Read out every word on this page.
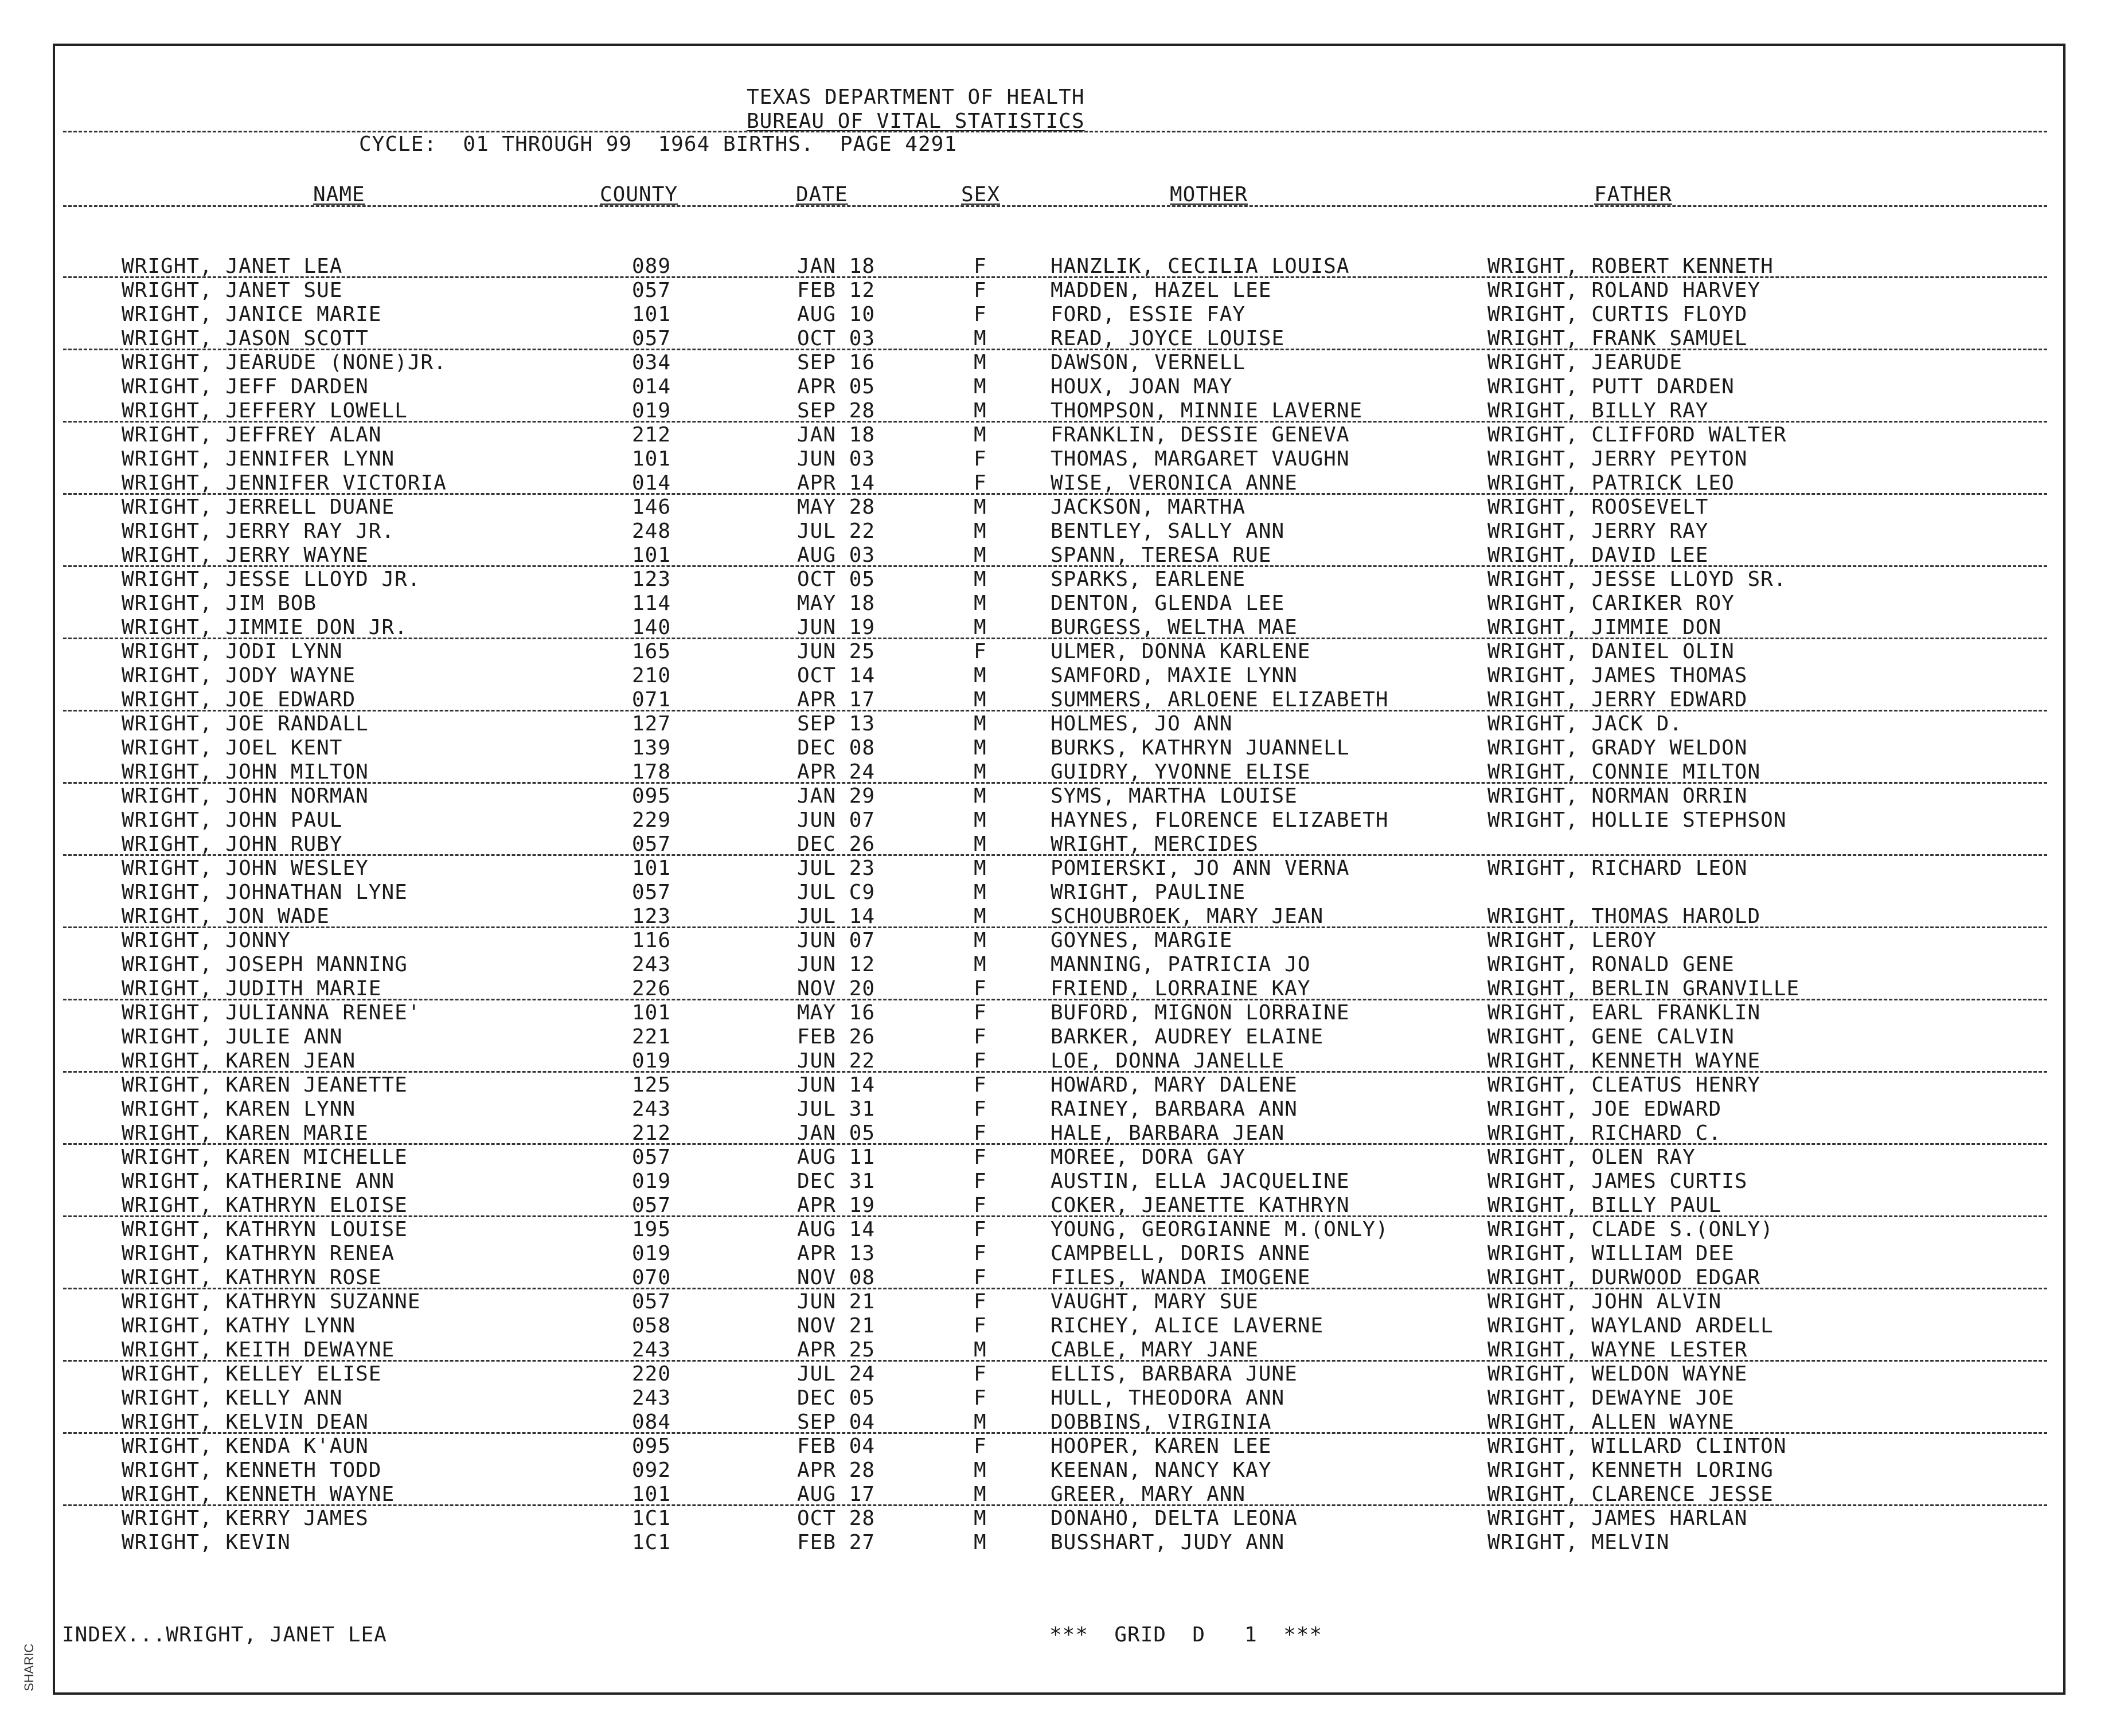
SHARIC
TEXAS DEPARTMENT OF HEALTH
BUREAU OF VITAL STATISTICS
CYCLE:  01 THROUGH 99  1964 BIRTHS.  PAGE 4291
NAME	COUNTY	DATE	SEX	MOTHER	FATHER
WRIGHT, JANET LEA	089	JAN 18	F	HANZLIK, CECILIA LOUISA	WRIGHT, ROBERT KENNETH
WRIGHT, JANET SUE	057	FEB 12	F	MADDEN, HAZEL LEE	WRIGHT, ROLAND HARVEY
WRIGHT, JANICE MARIE	101	AUG 10	F	FORD, ESSIE FAY	WRIGHT, CURTIS FLOYD
WRIGHT, JASON SCOTT	057	OCT 03	M	READ, JOYCE LOUISE	WRIGHT, FRANK SAMUEL
WRIGHT, JEARUDE (NONE)JR.	034	SEP 16	M	DAWSON, VERNELL	WRIGHT, JEARUDE
WRIGHT, JEFF DARDEN	014	APR 05	M	HOUX, JOAN MAY	WRIGHT, PUTT DARDEN
WRIGHT, JEFFERY LOWELL	019	SEP 28	M	THOMPSON, MINNIE LAVERNE	WRIGHT, BILLY RAY
WRIGHT, JEFFREY ALAN	212	JAN 18	M	FRANKLIN, DESSIE GENEVA	WRIGHT, CLIFFORD WALTER
WRIGHT, JENNIFER LYNN	101	JUN 03	F	THOMAS, MARGARET VAUGHN	WRIGHT, JERRY PEYTON
WRIGHT, JENNIFER VICTORIA	014	APR 14	F	WISE, VERONICA ANNE	WRIGHT, PATRICK LEO
WRIGHT, JERRELL DUANE	146	MAY 28	M	JACKSON, MARTHA	WRIGHT, ROOSEVELT
WRIGHT, JERRY RAY JR.	248	JUL 22	M	BENTLEY, SALLY ANN	WRIGHT, JERRY RAY
WRIGHT, JERRY WAYNE	101	AUG 03	M	SPANN, TERESA RUE	WRIGHT, DAVID LEE
WRIGHT, JESSE LLOYD JR.	123	OCT 05	M	SPARKS, EARLENE	WRIGHT, JESSE LLOYD SR.
WRIGHT, JIM BOB	114	MAY 18	M	DENTON, GLENDA LEE	WRIGHT, CARIKER ROY
WRIGHT, JIMMIE DON JR.	140	JUN 19	M	BURGESS, WELTHA MAE	WRIGHT, JIMMIE DON
WRIGHT, JODI LYNN	165	JUN 25	F	ULMER, DONNA KARLENE	WRIGHT, DANIEL OLIN
WRIGHT, JODY WAYNE	210	OCT 14	M	SAMFORD, MAXIE LYNN	WRIGHT, JAMES THOMAS
WRIGHT, JOE EDWARD	071	APR 17	M	SUMMERS, ARLOENE ELIZABETH	WRIGHT, JERRY EDWARD
WRIGHT, JOE RANDALL	127	SEP 13	M	HOLMES, JO ANN	WRIGHT, JACK D.
WRIGHT, JOEL KENT	139	DEC 08	M	BURKS, KATHRYN JUANNELL	WRIGHT, GRADY WELDON
WRIGHT, JOHN MILTON	178	APR 24	M	GUIDRY, YVONNE ELISE	WRIGHT, CONNIE MILTON
WRIGHT, JOHN NORMAN	095	JAN 29	M	SYMS, MARTHA LOUISE	WRIGHT, NORMAN ORRIN
WRIGHT, JOHN PAUL	229	JUN 07	M	HAYNES, FLORENCE ELIZABETH	WRIGHT, HOLLIE STEPHSON
WRIGHT, JOHN RUBY	057	DEC 26	M	WRIGHT, MERCIDES
WRIGHT, JOHN WESLEY	101	JUL 23	M	POMIERSKI, JO ANN VERNA	WRIGHT, RICHARD LEON
WRIGHT, JOHNATHAN LYNE	057	JUL C9	M	WRIGHT, PAULINE
WRIGHT, JON WADE	123	JUL 14	M	SCHOUBROEK, MARY JEAN	WRIGHT, THOMAS HAROLD
WRIGHT, JONNY	116	JUN 07	M	GOYNES, MARGIE	WRIGHT, LEROY
WRIGHT, JOSEPH MANNING	243	JUN 12	M	MANNING, PATRICIA JO	WRIGHT, RONALD GENE
WRIGHT, JUDITH MARIE	226	NOV 20	F	FRIEND, LORRAINE KAY	WRIGHT, BERLIN GRANVILLE
WRIGHT, JULIANNA RENEE'	101	MAY 16	F	BUFORD, MIGNON LORRAINE	WRIGHT, EARL FRANKLIN
WRIGHT, JULIE ANN	221	FEB 26	F	BARKER, AUDREY ELAINE	WRIGHT, GENE CALVIN
WRIGHT, KAREN JEAN	019	JUN 22	F	LOE, DONNA JANELLE	WRIGHT, KENNETH WAYNE
WRIGHT, KAREN JEANETTE	125	JUN 14	F	HOWARD, MARY DALENE	WRIGHT, CLEATUS HENRY
WRIGHT, KAREN LYNN	243	JUL 31	F	RAINEY, BARBARA ANN	WRIGHT, JOE EDWARD
WRIGHT, KAREN MARIE	212	JAN 05	F	HALE, BARBARA JEAN	WRIGHT, RICHARD C.
WRIGHT, KAREN MICHELLE	057	AUG 11	F	MOREE, DORA GAY	WRIGHT, OLEN RAY
WRIGHT, KATHERINE ANN	019	DEC 31	F	AUSTIN, ELLA JACQUELINE	WRIGHT, JAMES CURTIS
WRIGHT, KATHRYN ELOISE	057	APR 19	F	COKER, JEANETTE KATHRYN	WRIGHT, BILLY PAUL
WRIGHT, KATHRYN LOUISE	195	AUG 14	F	YOUNG, GEORGIANNE M.(ONLY)	WRIGHT, CLADE S.(ONLY)
WRIGHT, KATHRYN RENEA	019	APR 13	F	CAMPBELL, DORIS ANNE	WRIGHT, WILLIAM DEE
WRIGHT, KATHRYN ROSE	070	NOV 08	F	FILES, WANDA IMOGENE	WRIGHT, DURWOOD EDGAR
WRIGHT, KATHRYN SUZANNE	057	JUN 21	F	VAUGHT, MARY SUE	WRIGHT, JOHN ALVIN
WRIGHT, KATHY LYNN	058	NOV 21	F	RICHEY, ALICE LAVERNE	WRIGHT, WAYLAND ARDELL
WRIGHT, KEITH DEWAYNE	243	APR 25	M	CABLE, MARY JANE	WRIGHT, WAYNE LESTER
WRIGHT, KELLEY ELISE	220	JUL 24	F	ELLIS, BARBARA JUNE	WRIGHT, WELDON WAYNE
WRIGHT, KELLY ANN	243	DEC 05	F	HULL, THEODORA ANN	WRIGHT, DEWAYNE JOE
WRIGHT, KELVIN DEAN	084	SEP 04	M	DOBBINS, VIRGINIA	WRIGHT, ALLEN WAYNE
WRIGHT, KENDA K'AUN	095	FEB 04	F	HOOPER, KAREN LEE	WRIGHT, WILLARD CLINTON
WRIGHT, KENNETH TODD	092	APR 28	M	KEENAN, NANCY KAY	WRIGHT, KENNETH LORING
WRIGHT, KENNETH WAYNE	101	AUG 17	M	GREER, MARY ANN	WRIGHT, CLARENCE JESSE
WRIGHT, KERRY JAMES	1C1	OCT 28	M	DONAHO, DELTA LEONA	WRIGHT, JAMES HARLAN
WRIGHT, KEVIN	1C1	FEB 27	M	BUSSHART, JUDY ANN	WRIGHT, MELVIN
INDEX...WRIGHT, JANET LEA	***  GRID  D   1  ***
